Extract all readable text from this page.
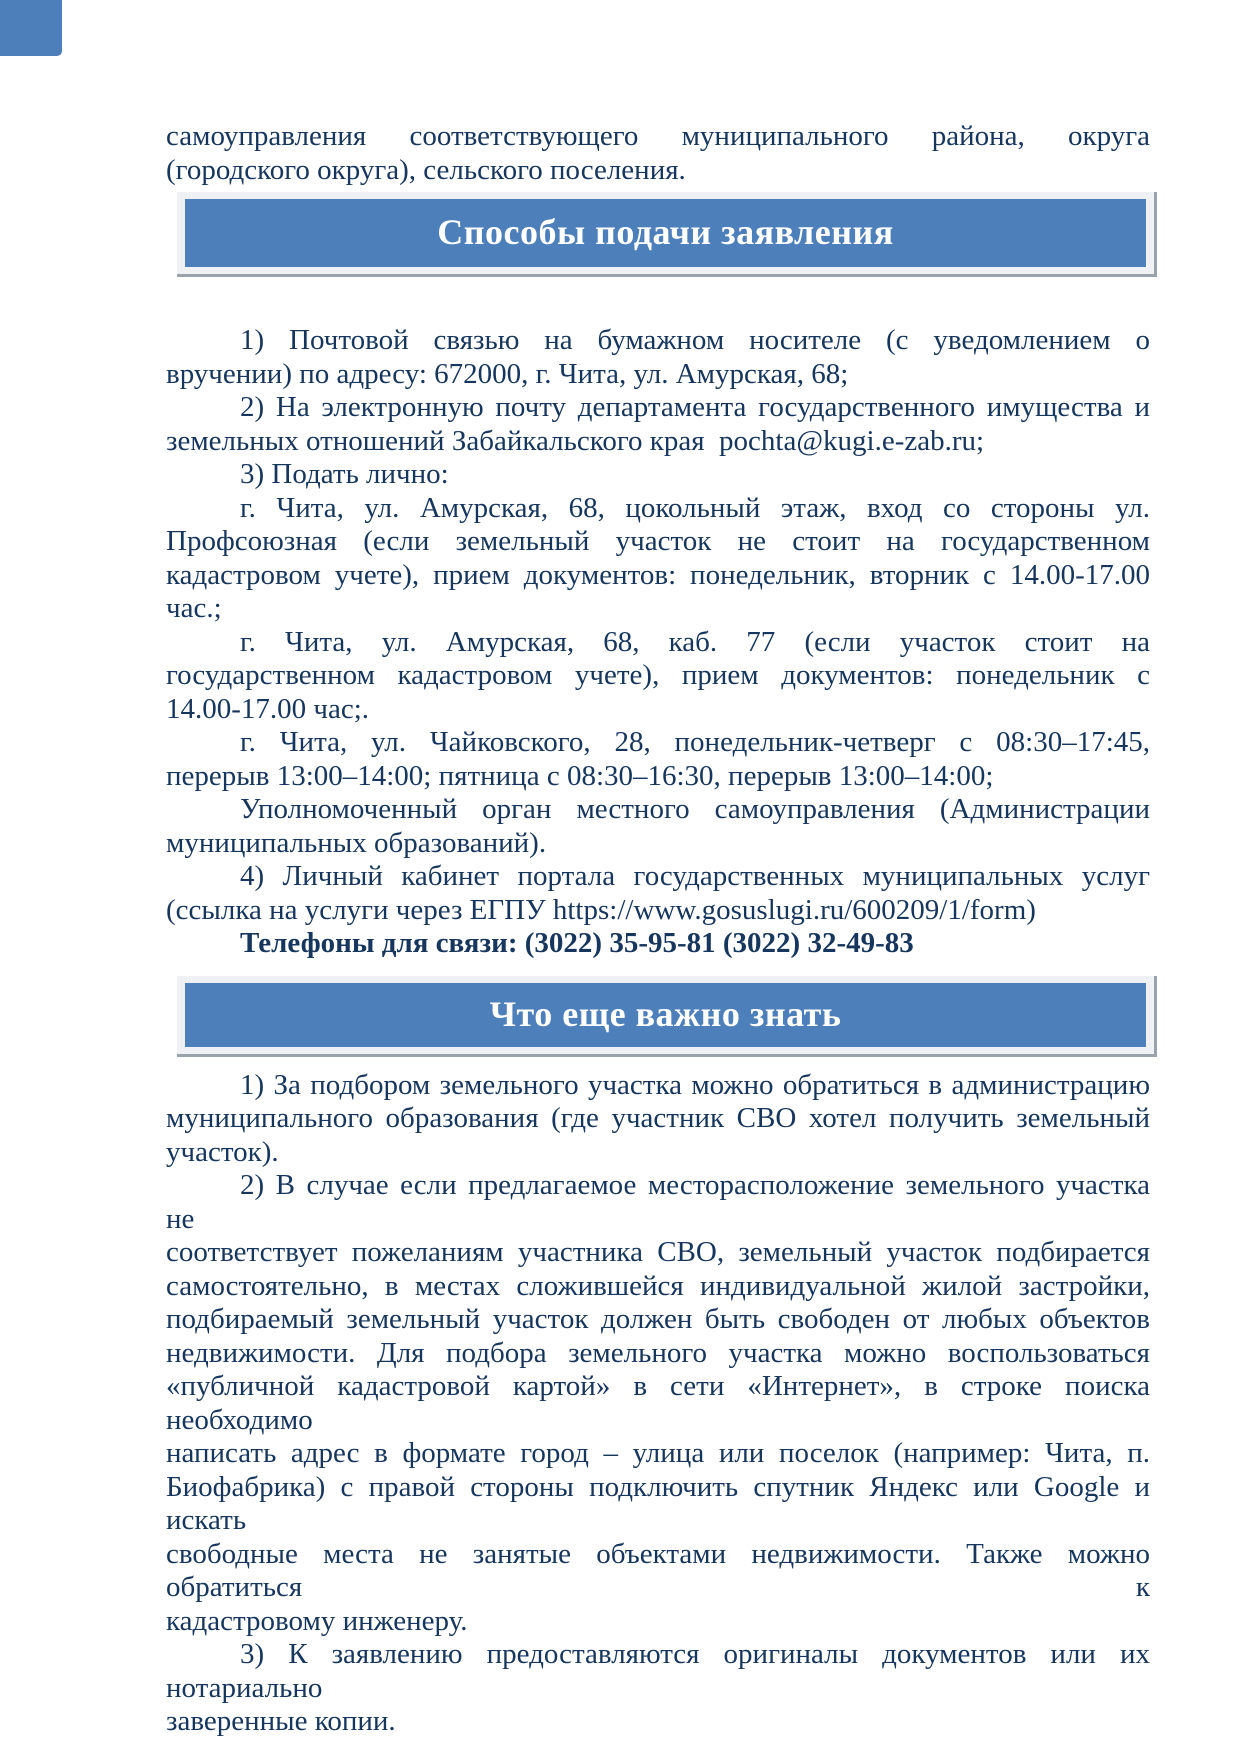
самоуправления соответствующего муниципального района, округа
(городского округа), сельского поселения.
Способы подачи заявления
1) Почтовой связью на бумажном носителе (с уведомлением о
вручении) по адресу: 672000, г. Чита, ул. Амурская, 68;
2) На электронную почту департамента государственного имущества и
земельных отношений Забайкальского края  pochta@kugi.e-zab.ru;
3) Подать лично:
г. Чита, ул. Амурская, 68, цокольный этаж, вход со стороны ул.
Профсоюзная (если земельный участок не стоит на государственном
кадастровом учете), прием документов: понедельник, вторник с 14.00-17.00
час.;
г. Чита, ул. Амурская, 68, каб. 77 (если участок стоит на
государственном кадастровом учете), прием документов: понедельник с
14.00-17.00 час;.
г. Чита, ул. Чайковского, 28, понедельник-четверг с 08:30–17:45,
перерыв 13:00–14:00; пятница с 08:30–16:30, перерыв 13:00–14:00;
Уполномоченный орган местного самоуправления (Администрации
муниципальных образований).
4) Личный кабинет портала государственных муниципальных услуг
(ссылка на услуги через ЕГПУ https://www.gosuslugi.ru/600209/1/form)
Телефоны для связи: (3022) 35-95-81 (3022) 32-49-83
Что еще важно знать
1) За подбором земельного участка можно обратиться в администрацию
муниципального образования (где участник СВО хотел получить земельный
участок).
2) В случае если предлагаемое месторасположение земельного участка не
соответствует пожеланиям участника СВО, земельный участок подбирается
самостоятельно, в местах сложившейся индивидуальной жилой застройки,
подбираемый земельный участок должен быть свободен от любых объектов
недвижимости. Для подбора земельного участка можно воспользоваться
«публичной кадастровой картой» в сети «Интернет», в строке поиска необходимо
написать адрес в формате город – улица или поселок (например: Чита, п.
Биофабрика) с правой стороны подключить спутник Яндекс или Google и искать
свободные места не занятые объектами недвижимости. Также можно обратиться к
кадастровому инженеру.
3) К заявлению предоставляются оригиналы документов или их нотариально
заверенные копии.
